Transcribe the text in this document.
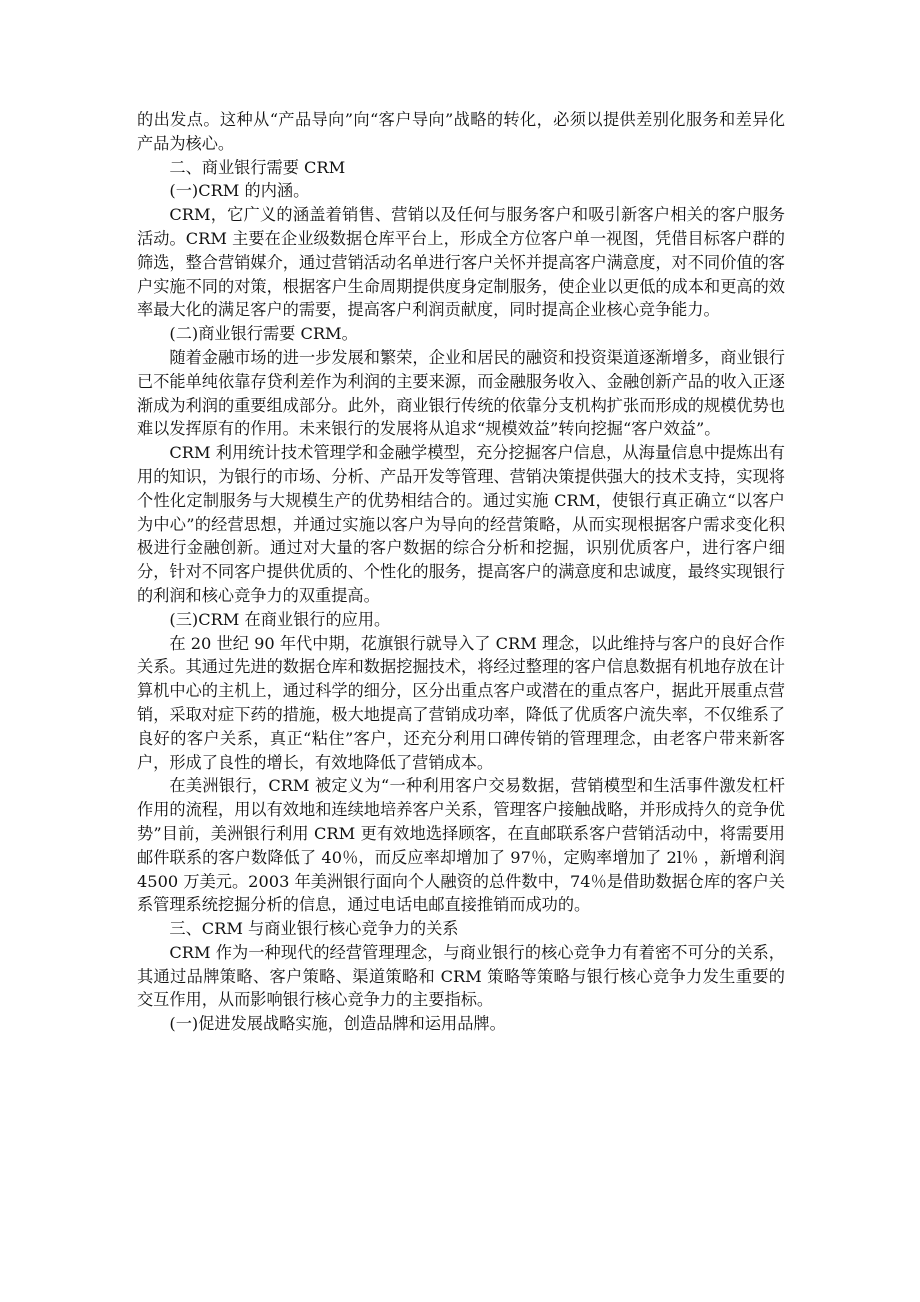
的出发点。这种从“产品导向”向“客户导向”战略的转化，必须以提供差别化服务和差异化产品为核心。

二、商业银行需要 CRM

(一)CRM 的内涵。

CRM，它广义的涵盖着销售、营销以及任何与服务客户和吸引新客户相关的客户服务活动。CRM 主要在企业级数据仓库平台上，形成全方位客户单一视图，凭借目标客户群的筛选，整合营销媒介，通过营销活动名单进行客户关怀并提高客户满意度，对不同价值的客户实施不同的对策，根据客户生命周期提供度身定制服务，使企业以更低的成本和更高的效率最大化的满足客户的需要，提高客户利润贡献度，同时提高企业核心竞争能力。

(二)商业银行需要 CRM。

随着金融市场的进一步发展和繁荣，企业和居民的融资和投资渠道逐渐增多，商业银行已不能单纯依靠存贷利差作为利润的主要来源，而金融服务收入、金融创新产品的收入正逐渐成为利润的重要组成部分。此外，商业银行传统的依靠分支机构扩张而形成的规模优势也难以发挥原有的作用。未来银行的发展将从追求“规模效益”转向挖掘“客户效益”。

CRM 利用统计技术管理学和金融学模型，充分挖掘客户信息，从海量信息中提炼出有用的知识，为银行的市场、分析、产品开发等管理、营销决策提供强大的技术支持，实现将个性化定制服务与大规模生产的优势相结合的。通过实施 CRM，使银行真正确立“以客户为中心”的经营思想，并通过实施以客户为导向的经营策略，从而实现根据客户需求变化积极进行金融创新。通过对大量的客户数据的综合分析和挖掘，识别优质客户，进行客户细分，针对不同客户提供优质的、个性化的服务，提高客户的满意度和忠诚度，最终实现银行的利润和核心竞争力的双重提高。

(三)CRM 在商业银行的应用。

在 20 世纪 90 年代中期，花旗银行就导入了 CRM 理念，以此维持与客户的良好合作关系。其通过先进的数据仓库和数据挖掘技术，将经过整理的客户信息数据有机地存放在计算机中心的主机上，通过科学的细分，区分出重点客户或潜在的重点客户，据此开展重点营销，采取对症下药的措施，极大地提高了营销成功率，降低了优质客户流失率，不仅维系了良好的客户关系，真正“粘住”客户，还充分利用口碑传销的管理理念，由老客户带来新客户，形成了良性的增长，有效地降低了营销成本。

在美洲银行，CRM 被定义为“一种利用客户交易数据，营销模型和生活事件激发杠杆作用的流程，用以有效地和连续地培养客户关系，管理客户接触战略，并形成持久的竞争优势”目前，美洲银行利用 CRM 更有效地选择顾客，在直邮联系客户营销活动中，将需要用邮件联系的客户数降低了 40％，而反应率却增加了 97％，定购率增加了 2l％ ，新增利润 4500 万美元。2003 年美洲银行面向个人融资的总件数中，74％是借助数据仓库的客户关系管理系统挖掘分析的信息，通过电话电邮直接推销而成功的。

三、CRM 与商业银行核心竞争力的关系

CRM 作为一种现代的经营管理理念，与商业银行的核心竞争力有着密不可分的关系，其通过品牌策略、客户策略、渠道策略和 CRM 策略等策略与银行核心竞争力发生重要的交互作用，从而影响银行核心竞争力的主要指标。

(一)促进发展战略实施，创造品牌和运用品牌。
